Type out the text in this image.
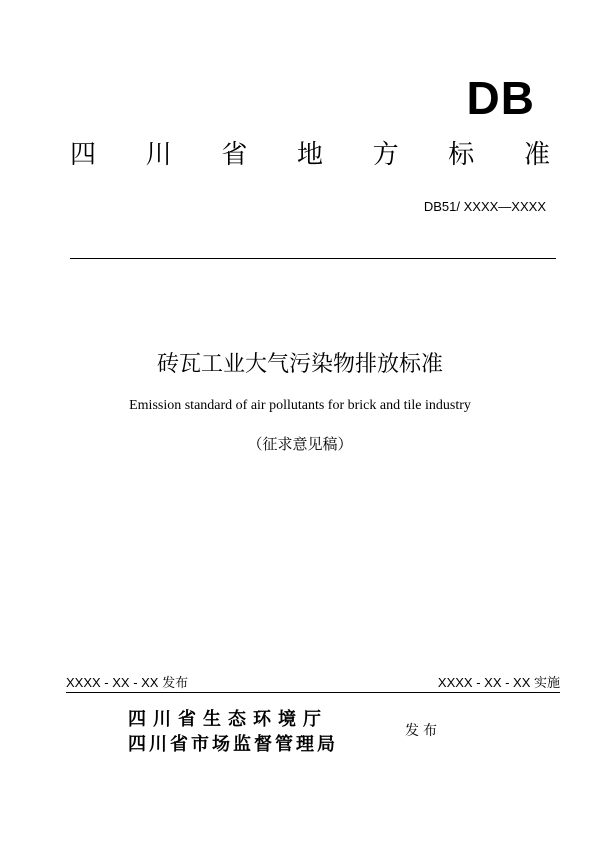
DB
四 川 省 地 方 标 准
DB51/ XXXX—XXXX
砖瓦工业大气污染物排放标准
Emission standard of air pollutants for brick and tile industry
（征求意见稿）
XXXX - XX - XX 发布	XXXX - XX - XX 实施
四川省生态环境厅
四川省市场监督管理局
发布
